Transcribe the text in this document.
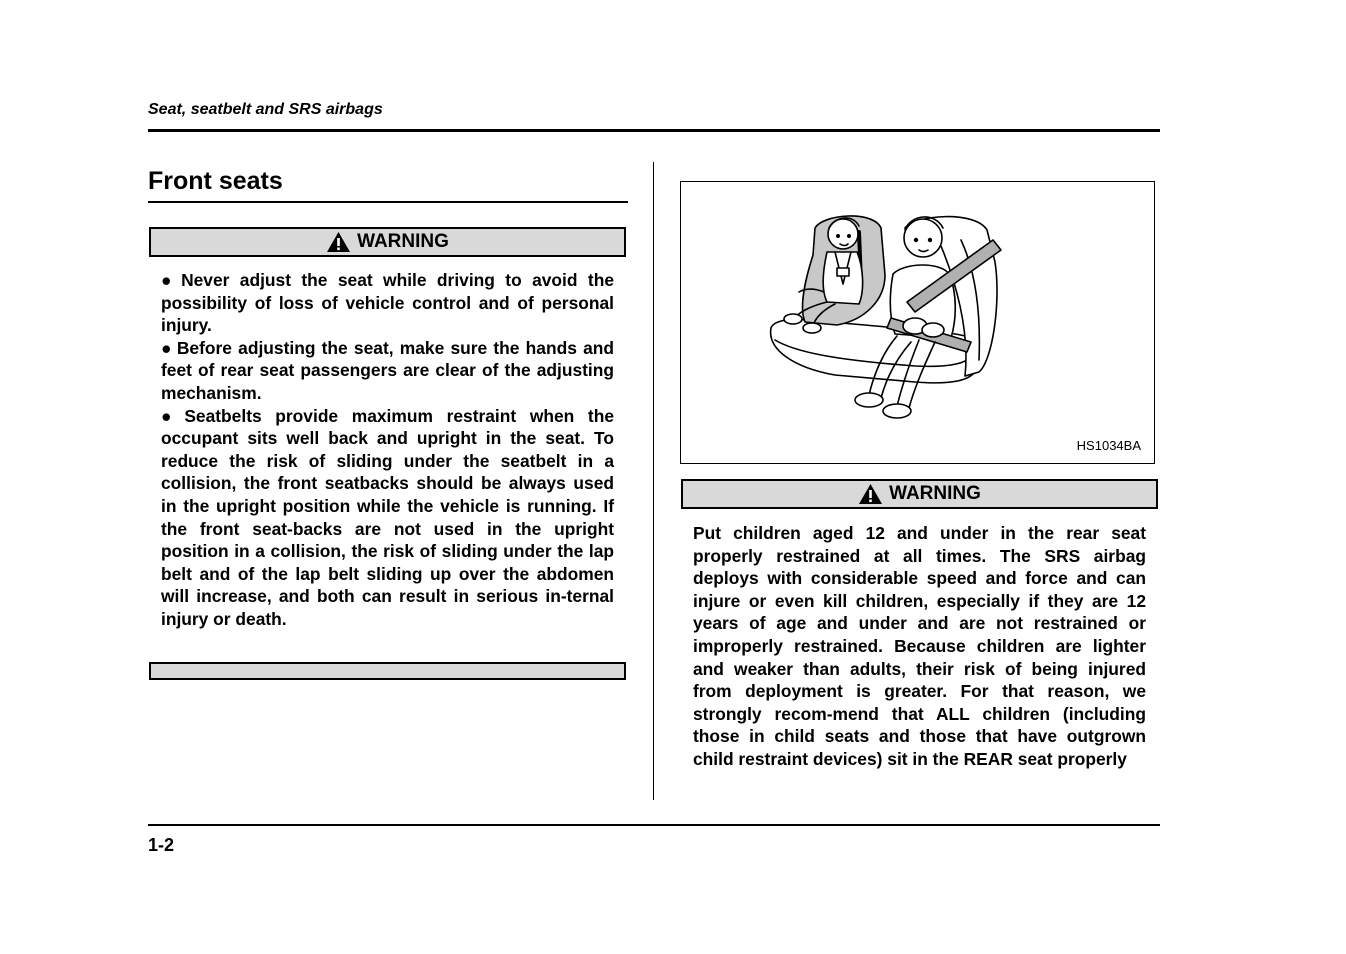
Seat, seatbelt and SRS airbags
Front seats
WARNING

● Never adjust the seat while driving to avoid the possibility of loss of vehicle control and of personal injury.

● Before adjusting the seat, make sure the hands and feet of rear seat passengers are clear of the adjusting mechanism.

● Seatbelts provide maximum restraint when the occupant sits well back and upright in the seat. To reduce the risk of sliding under the seatbelt in a collision, the front seatbacks should be always used in the upright position while the vehicle is running. If the front seat-backs are not used in the upright position in a collision, the risk of sliding under the lap belt and of the lap belt sliding up over the abdomen will increase, and both can result in serious in-ternal injury or death.

HS1034BA
WARNING

Put children aged 12 and under in the rear seat properly restrained at all times. The SRS airbag deploys with considerable speed and force and can injure or even kill children, especially if they are 12 years of age and under and are not restrained or improperly restrained. Because children are lighter and weaker than adults, their risk of being injured from deployment is greater. For that reason, we strongly recom-mend that ALL children (including those in child seats and those that have outgrown child restraint devices) sit in the REAR seat properly

1-2
